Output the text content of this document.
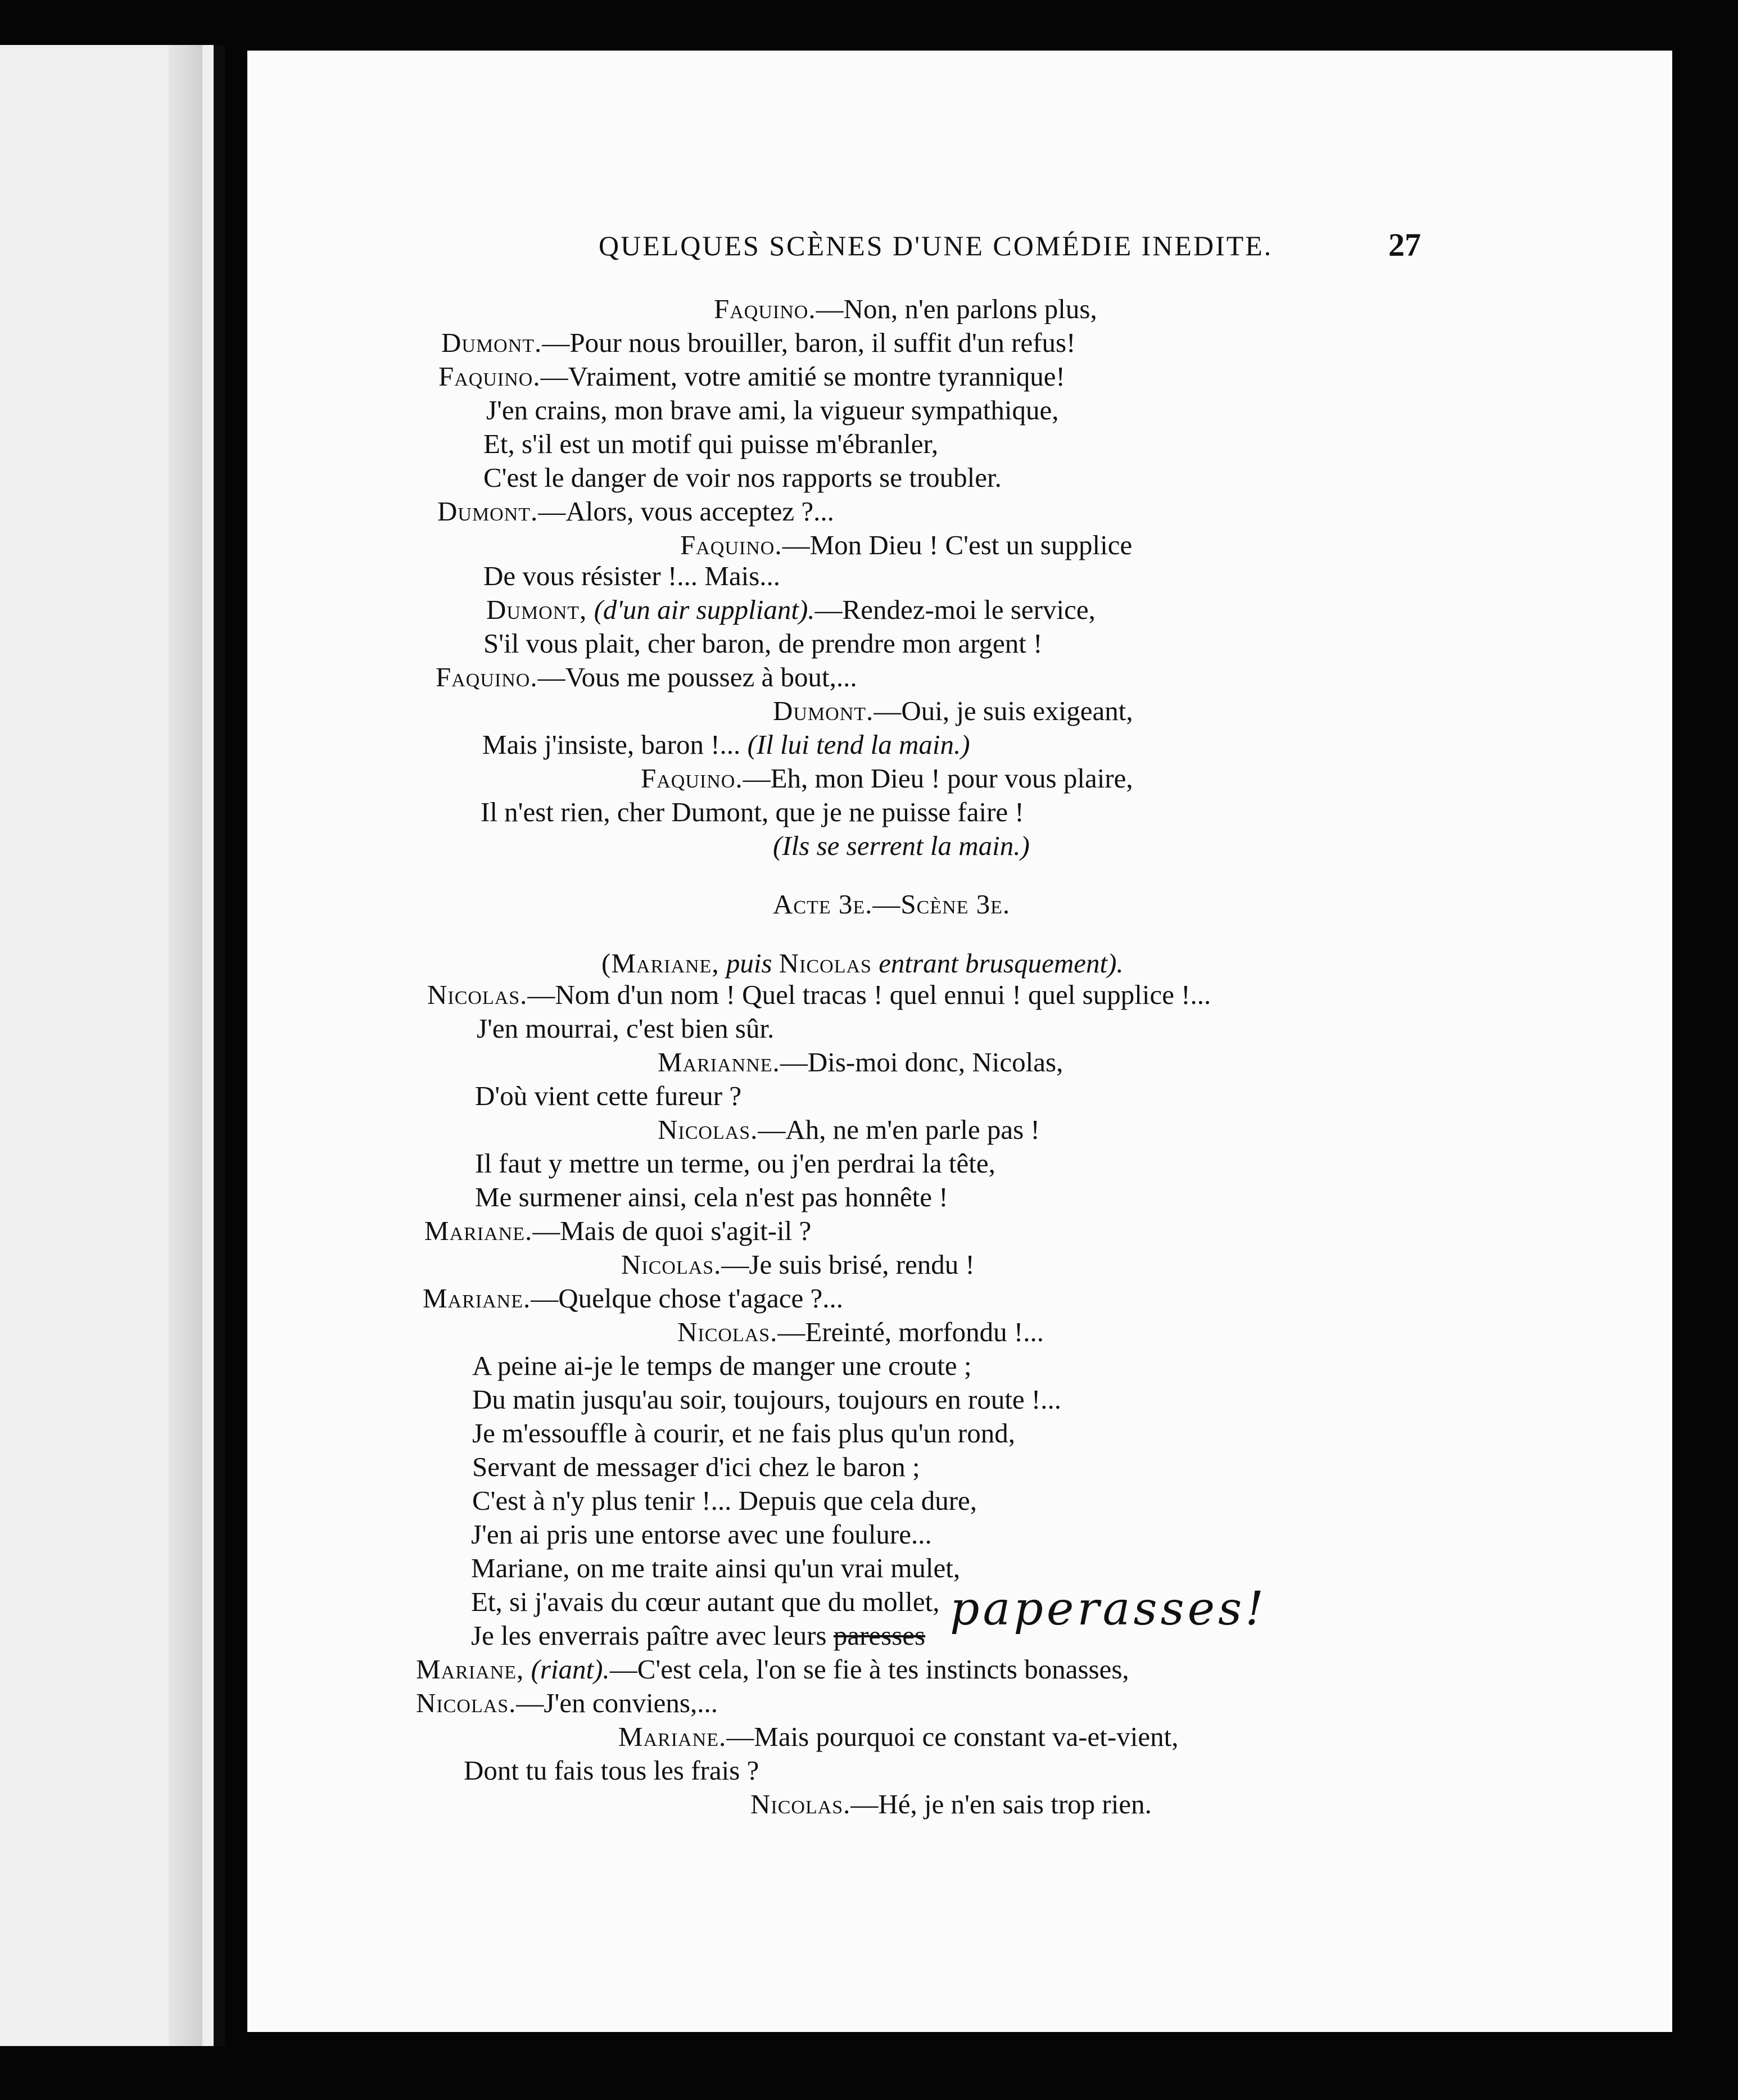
QUELQUES SCÈNES D'UNE COMÉDIE INEDITE.	27
Faquino.—Non, n'en parlons plus,
Dumont.—Pour nous brouiller, baron, il suffit d'un refus!
Faquino.—Vraiment, votre amitié se montre tyrannique!
J'en crains, mon brave ami, la vigueur sympathique,
Et, s'il est un motif qui puisse m'ébranler,
C'est le danger de voir nos rapports se troubler.
Dumont.—Alors, vous acceptez ?...
Faquino.—Mon Dieu ! C'est un supplice
De vous résister !... Mais...
Dumont, (d'un air suppliant).—Rendez-moi le service,
S'il vous plait, cher baron, de prendre mon argent !
Faquino.—Vous me poussez à bout,...
Dumont.—Oui, je suis exigeant,
Mais j'insiste, baron !... (Il lui tend la main.)
Faquino.—Eh, mon Dieu ! pour vous plaire,
Il n'est rien, cher Dumont, que je ne puisse faire !
(Ils se serrent la main.)
Acte 3e.—Scène 3e.
(Mariane, puis Nicolas entrant brusquement).
Nicolas.—Nom d'un nom ! Quel tracas ! quel ennui ! quel supplice !...
J'en mourrai, c'est bien sûr.
Marianne.—Dis-moi donc, Nicolas,
D'où vient cette fureur ?
Nicolas.—Ah, ne m'en parle pas !
Il faut y mettre un terme, ou j'en perdrai la tête,
Me surmener ainsi, cela n'est pas honnête !
Mariane.—Mais de quoi s'agit-il ?
Nicolas.—Je suis brisé, rendu !
Mariane.—Quelque chose t'agace ?...
Nicolas.—Ereinté, morfondu !...
A peine ai-je le temps de manger une croute ;
Du matin jusqu'au soir, toujours, toujours en route !...
Je m'essouffle à courir, et ne fais plus qu'un rond,
Servant de messager d'ici chez le baron ;
C'est à n'y plus tenir !... Depuis que cela dure,
J'en ai pris une entorse avec une foulure...
Mariane, on me traite ainsi qu'un vrai mulet,
Et, si j'avais du cœur autant que du mollet,
Je les enverrais paître avec leurs paresses
Mariane, (riant).—C'est cela, l'on se fie à tes instincts bonasses,
Nicolas.—J'en conviens,...
Mariane.—Mais pourquoi ce constant va-et-vient,
Dont tu fais tous les frais ?
Nicolas.—Hé, je n'en sais trop rien.
paperasses!
